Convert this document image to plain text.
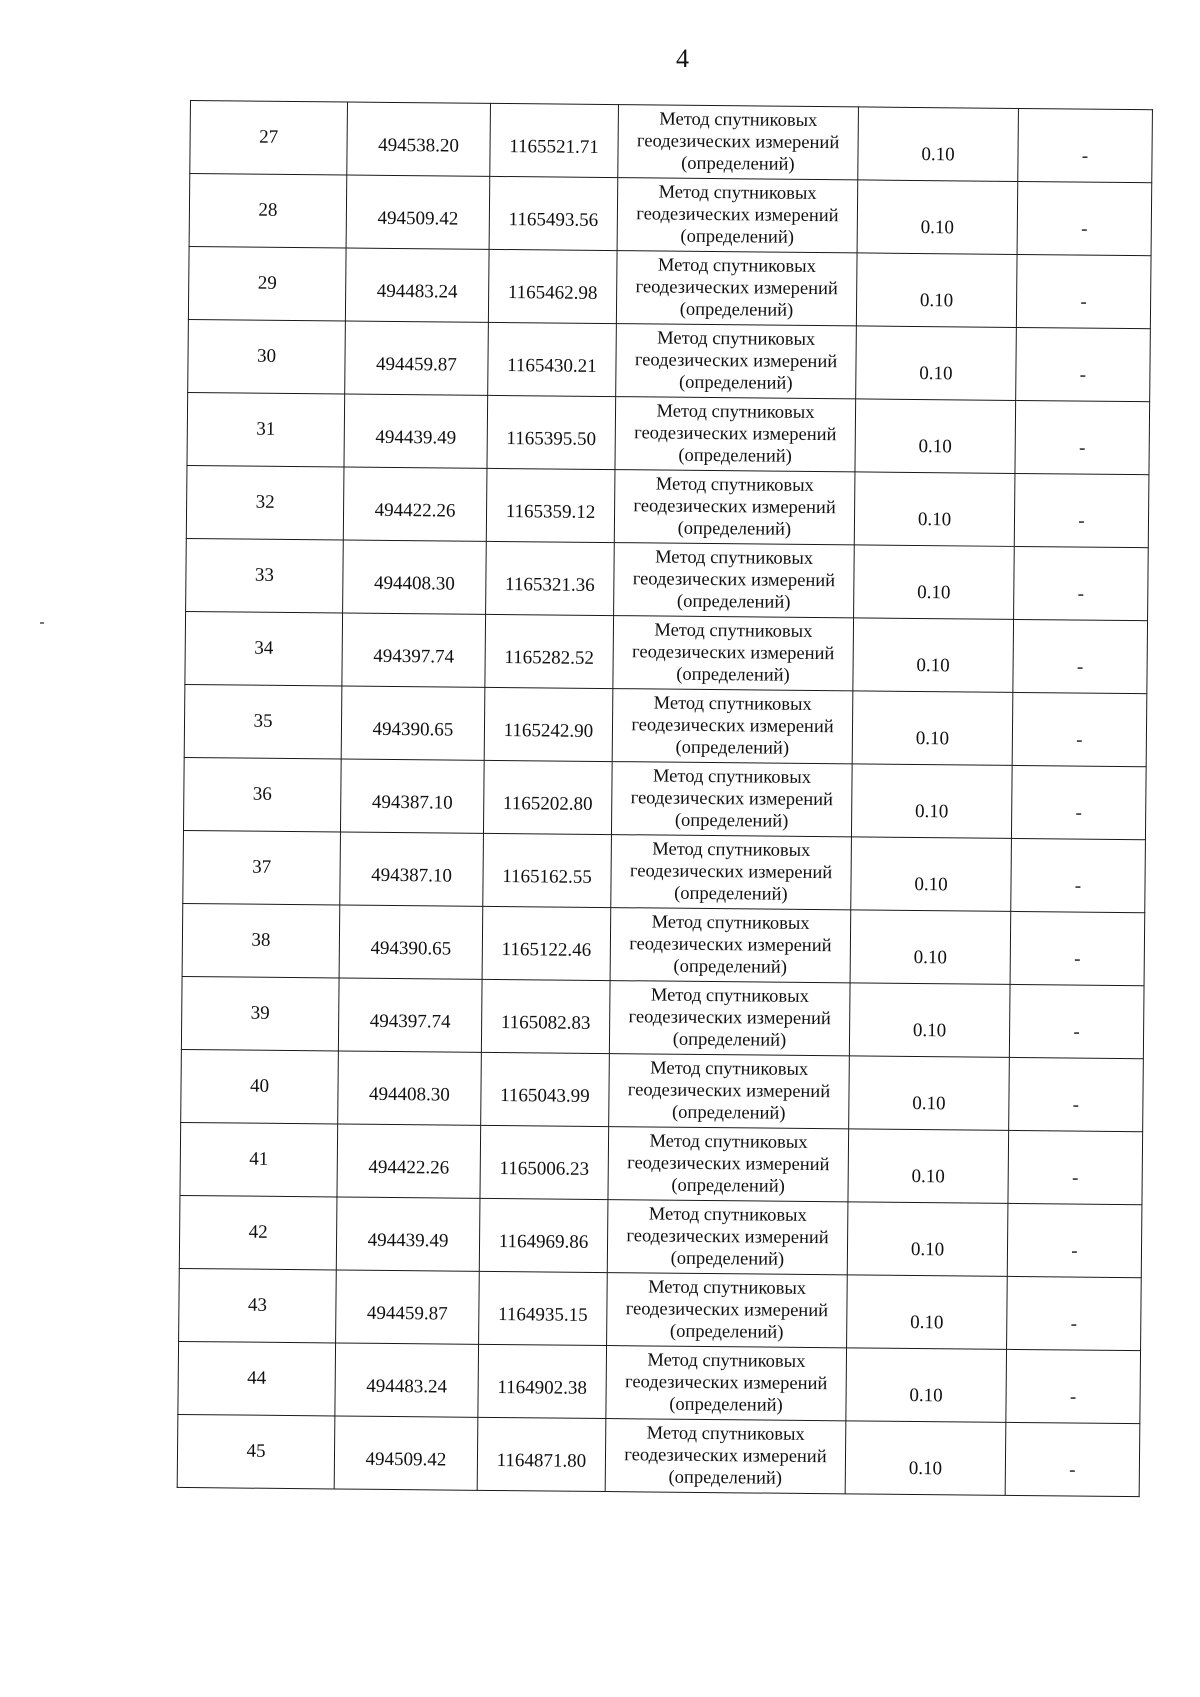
4
27	494538.20	1165521.71	Метод спутниковых
геодезических измерений
(определений)	0.10	-
28	494509.42	1165493.56	Метод спутниковых
геодезических измерений
(определений)	0.10	-
29	494483.24	1165462.98	Метод спутниковых
геодезических измерений
(определений)	0.10	-
30	494459.87	1165430.21	Метод спутниковых
геодезических измерений
(определений)	0.10	-
31	494439.49	1165395.50	Метод спутниковых
геодезических измерений
(определений)	0.10	-
32	494422.26	1165359.12	Метод спутниковых
геодезических измерений
(определений)	0.10	-
33	494408.30	1165321.36	Метод спутниковых
геодезических измерений
(определений)	0.10	-
34	494397.74	1165282.52	Метод спутниковых
геодезических измерений
(определений)	0.10	-
35	494390.65	1165242.90	Метод спутниковых
геодезических измерений
(определений)	0.10	-
36	494387.10	1165202.80	Метод спутниковых
геодезических измерений
(определений)	0.10	-
37	494387.10	1165162.55	Метод спутниковых
геодезических измерений
(определений)	0.10	-
38	494390.65	1165122.46	Метод спутниковых
геодезических измерений
(определений)	0.10	-
39	494397.74	1165082.83	Метод спутниковых
геодезических измерений
(определений)	0.10	-
40	494408.30	1165043.99	Метод спутниковых
геодезических измерений
(определений)	0.10	-
41	494422.26	1165006.23	Метод спутниковых
геодезических измерений
(определений)	0.10	-
42	494439.49	1164969.86	Метод спутниковых
геодезических измерений
(определений)	0.10	-
43	494459.87	1164935.15	Метод спутниковых
геодезических измерений
(определений)	0.10	-
44	494483.24	1164902.38	Метод спутниковых
геодезических измерений
(определений)	0.10	-
45	494509.42	1164871.80	Метод спутниковых
геодезических измерений
(определений)	0.10	-
